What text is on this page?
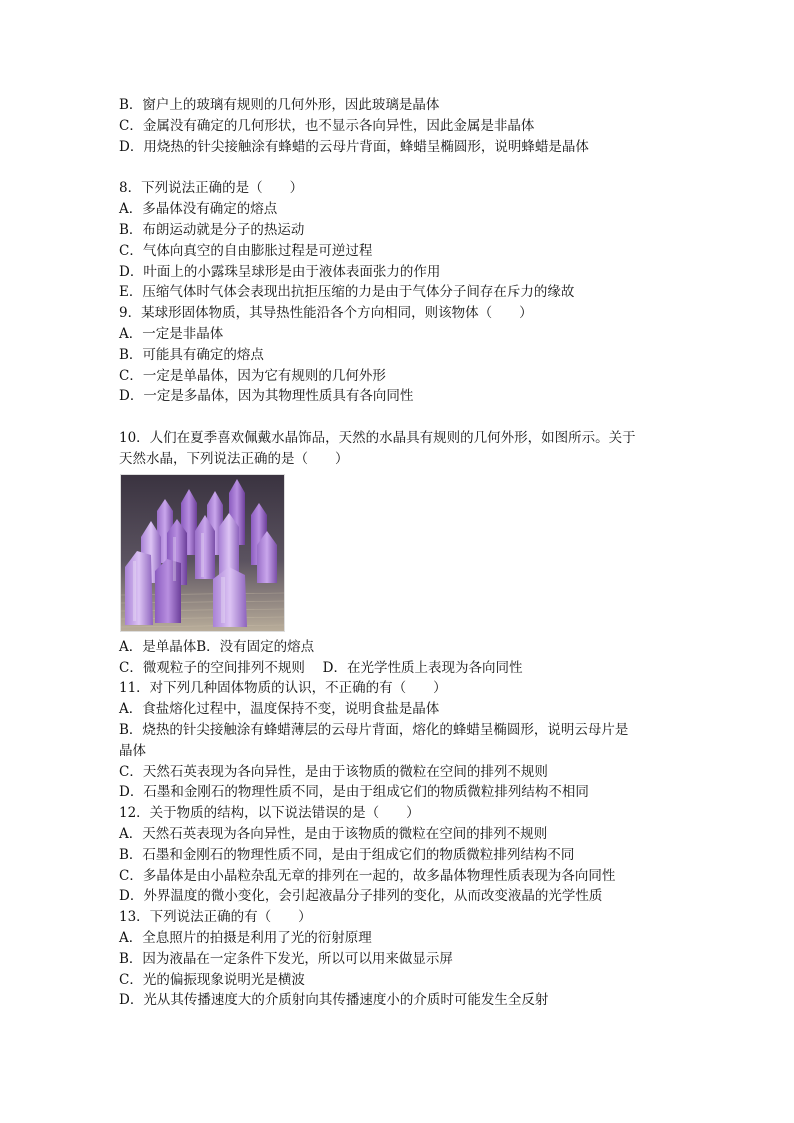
B．窗户上的玻璃有规则的几何外形，因此玻璃是晶体
C．金属没有确定的几何形状，也不显示各向异性，因此金属是非晶体
D．用烧热的针尖接触涂有蜂蜡的云母片背面，蜂蜡呈椭圆形，说明蜂蜡是晶体
8．下列说法正确的是（　　）
A．多晶体没有确定的熔点
B．布朗运动就是分子的热运动
C．气体向真空的自由膨胀过程是可逆过程
D．叶面上的小露珠呈球形是由于液体表面张力的作用
E．压缩气体时气体会表现出抗拒压缩的力是由于气体分子间存在斥力的缘故
9．某球形固体物质，其导热性能沿各个方向相同，则该物体（　　）
A．一定是非晶体
B．可能具有确定的熔点
C．一定是单晶体，因为它有规则的几何外形
D．一定是多晶体，因为其物理性质具有各向同性
10．人们在夏季喜欢佩戴水晶饰品，天然的水晶具有规则的几何外形，如图所示。关于
天然水晶，下列说法正确的是（　　）
A．是单晶体B．没有固定的熔点
C．微观粒子的空间排列不规则　 D．在光学性质上表现为各向同性
11．对下列几种固体物质的认识，不正确的有（　　）
A．食盐熔化过程中，温度保持不变，说明食盐是晶体
B．烧热的针尖接触涂有蜂蜡薄层的云母片背面，熔化的蜂蜡呈椭圆形，说明云母片是
晶体
C．天然石英表现为各向异性，是由于该物质的微粒在空间的排列不规则
D．石墨和金刚石的物理性质不同，是由于组成它们的物质微粒排列结构不相同
12．关于物质的结构，以下说法错误的是（　　）
A．天然石英表现为各向异性，是由于该物质的微粒在空间的排列不规则
B．石墨和金刚石的物理性质不同，是由于组成它们的物质微粒排列结构不同
C．多晶体是由小晶粒杂乱无章的排列在一起的，故多晶体物理性质表现为各向同性
D．外界温度的微小变化，会引起液晶分子排列的变化，从而改变液晶的光学性质
13．下列说法正确的有（　　）
A．全息照片的拍摄是利用了光的衍射原理
B．因为液晶在一定条件下发光，所以可以用来做显示屏
C．光的偏振现象说明光是横波
D．光从其传播速度大的介质射向其传播速度小的介质时可能发生全反射
